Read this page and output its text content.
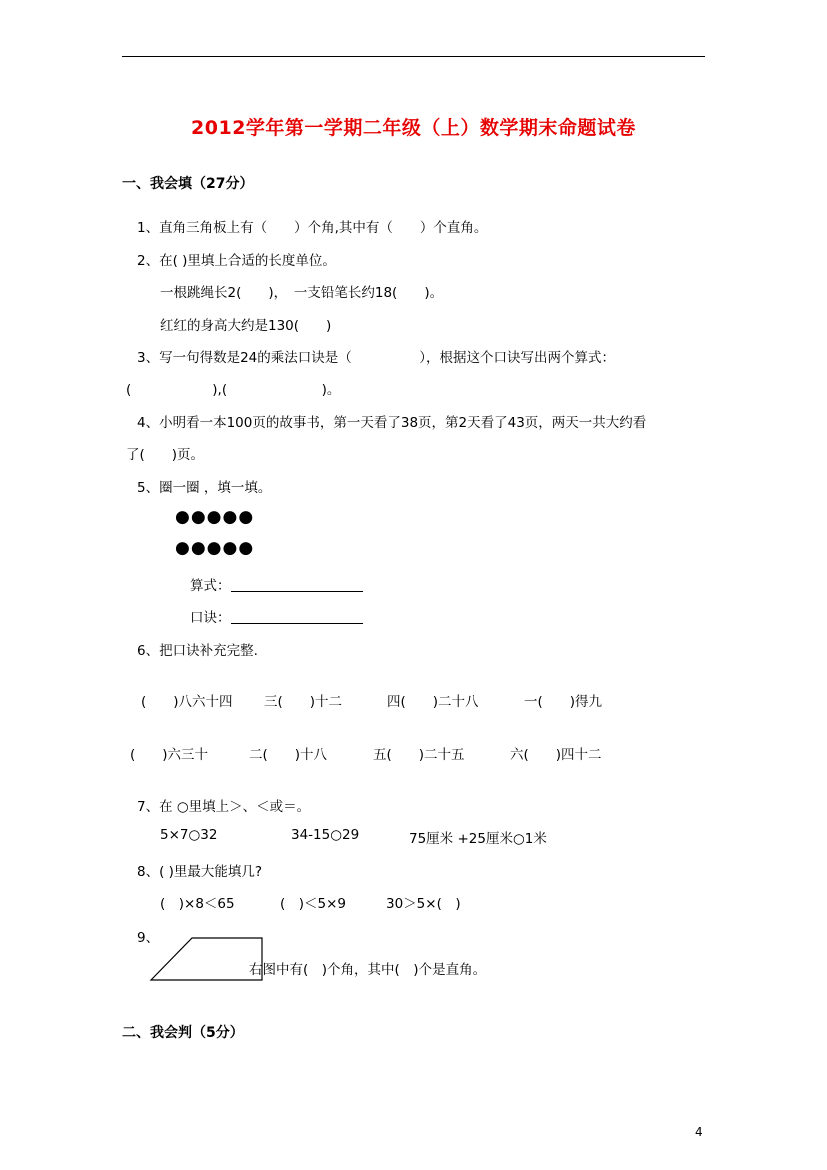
2012学年第一学期二年级（上）数学期末命题试卷
一、我会填（27分）
1、直角三角板上有（　　）个角,其中有（　　）个直角。
2、在( )里填上合适的长度单位。
一根跳绳长2(　　)，　一支铅笔长约18(　　)。
红红的身高大约是130(　　)
3、写一句得数是24的乘法口诀是（　　　　　），根据这个口诀写出两个算式：
(　　　　　　),(　　　　　　　)。
4、小明看一本100页的故事书，第一天看了38页，第2天看了43页，两天一共大约看
了(　　)页。
5、圈一圈 ，填一填。
●●●●●
●●●●●
算式：
口诀：
6、把口诀补充完整.
(　　)八六十四 三(　　)十二	四(　　)二十八	一(　　)得九
(　　)六三十	二(　　)十八	五(　　)二十五	六(　　)四十二
7、在 ○里填上＞、＜或＝。
5×7○32	34-15○29	75厘米 +25厘米○1米
8、( )里最大能填几?
(　)×8＜65	(　)＜5×9	30＞5×(　)
9、
右图中有(　)个角，其中(　)个是直角。
二、我会判（5分）
4
